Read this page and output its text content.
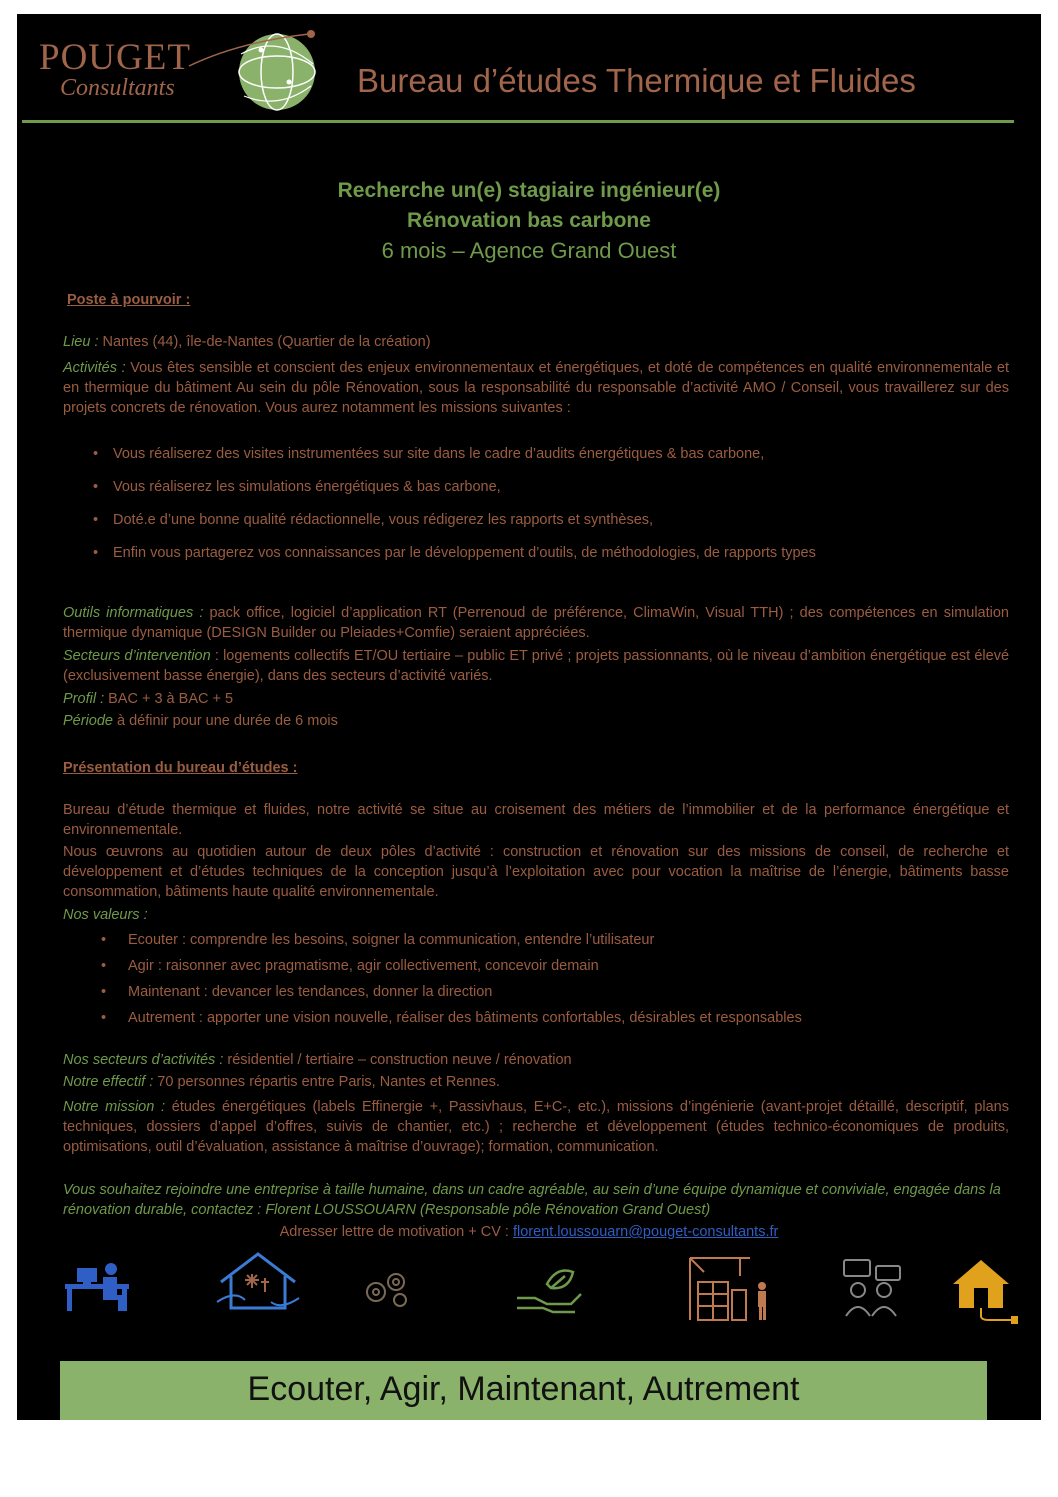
POUGET
Consultants	Bureau d’études Thermique et Fluides
Recherche un(e) stagiaire ingénieur(e)
Rénovation bas carbone
6 mois – Agence Grand Ouest
Poste à pourvoir :
Lieu : Nantes (44), île-de-Nantes (Quartier de la création)
Activités : Vous êtes sensible et conscient des enjeux environnementaux et énergétiques, et doté de compétences en qualité environnementale et en thermique du bâtiment Au sein du pôle Rénovation, sous la responsabilité du responsable d’activité AMO / Conseil, vous travaillerez sur des projets concrets de rénovation. Vous aurez notamment les missions suivantes :
• Vous réaliserez des visites instrumentées sur site dans le cadre d’audits énergétiques & bas carbone,
• Vous réaliserez les simulations énergétiques & bas carbone,
• Doté.e d’une bonne qualité rédactionnelle, vous rédigerez les rapports et synthèses,
• Enfin vous partagerez vos connaissances par le développement d’outils, de méthodologies, de rapports types
Outils informatiques : pack office, logiciel d’application RT (Perrenoud de préférence, ClimaWin, Visual TTH) ; des compétences en simulation thermique dynamique (DESIGN Builder ou Pleiades+Comfie) seraient appréciées.
Secteurs d’intervention : logements collectifs ET/OU tertiaire – public ET privé ; projets passionnants, où le niveau d’ambition énergétique est élevé (exclusivement basse énergie), dans des secteurs d’activité variés.
Profil : BAC + 3 à BAC + 5
Période à définir pour une durée de 6 mois
Présentation du bureau d’études :
Bureau d’étude thermique et fluides, notre activité se situe au croisement des métiers de l’immobilier et de la performance énergétique et environnementale.
Nous œuvrons au quotidien autour de deux pôles d’activité : construction et rénovation sur des missions de conseil, de recherche et développement et d’études techniques de la conception jusqu’à l’exploitation avec pour vocation la maîtrise de l’énergie, bâtiments basse consommation, bâtiments haute qualité environnementale.
Nos valeurs :
• Ecouter : comprendre les besoins, soigner la communication, entendre l’utilisateur
• Agir : raisonner avec pragmatisme, agir collectivement, concevoir demain
• Maintenant : devancer les tendances, donner la direction
• Autrement : apporter une vision nouvelle, réaliser des bâtiments confortables, désirables et responsables
Nos secteurs d’activités : résidentiel / tertiaire – construction neuve / rénovation
Notre effectif : 70 personnes répartis entre Paris, Nantes et Rennes.
Notre mission : études énergétiques (labels Effinergie +, Passivhaus, E+C-, etc.), missions d’ingénierie (avant-projet détaillé, descriptif, plans techniques, dossiers d’appel d’offres, suivis de chantier, etc.) ; recherche et développement (études technico-économiques de produits, optimisations, outil d’évaluation, assistance à maîtrise d’ouvrage); formation, communication.
Vous souhaitez rejoindre une entreprise à taille humaine, dans un cadre agréable, au sein d’une équipe dynamique et conviviale, engagée dans la rénovation durable, contactez : Florent LOUSSOUARN (Responsable pôle Rénovation Grand Ouest)
Adresser lettre de motivation + CV : florent.loussouarn@pouget-consultants.fr
Ecouter, Agir, Maintenant, Autrement
